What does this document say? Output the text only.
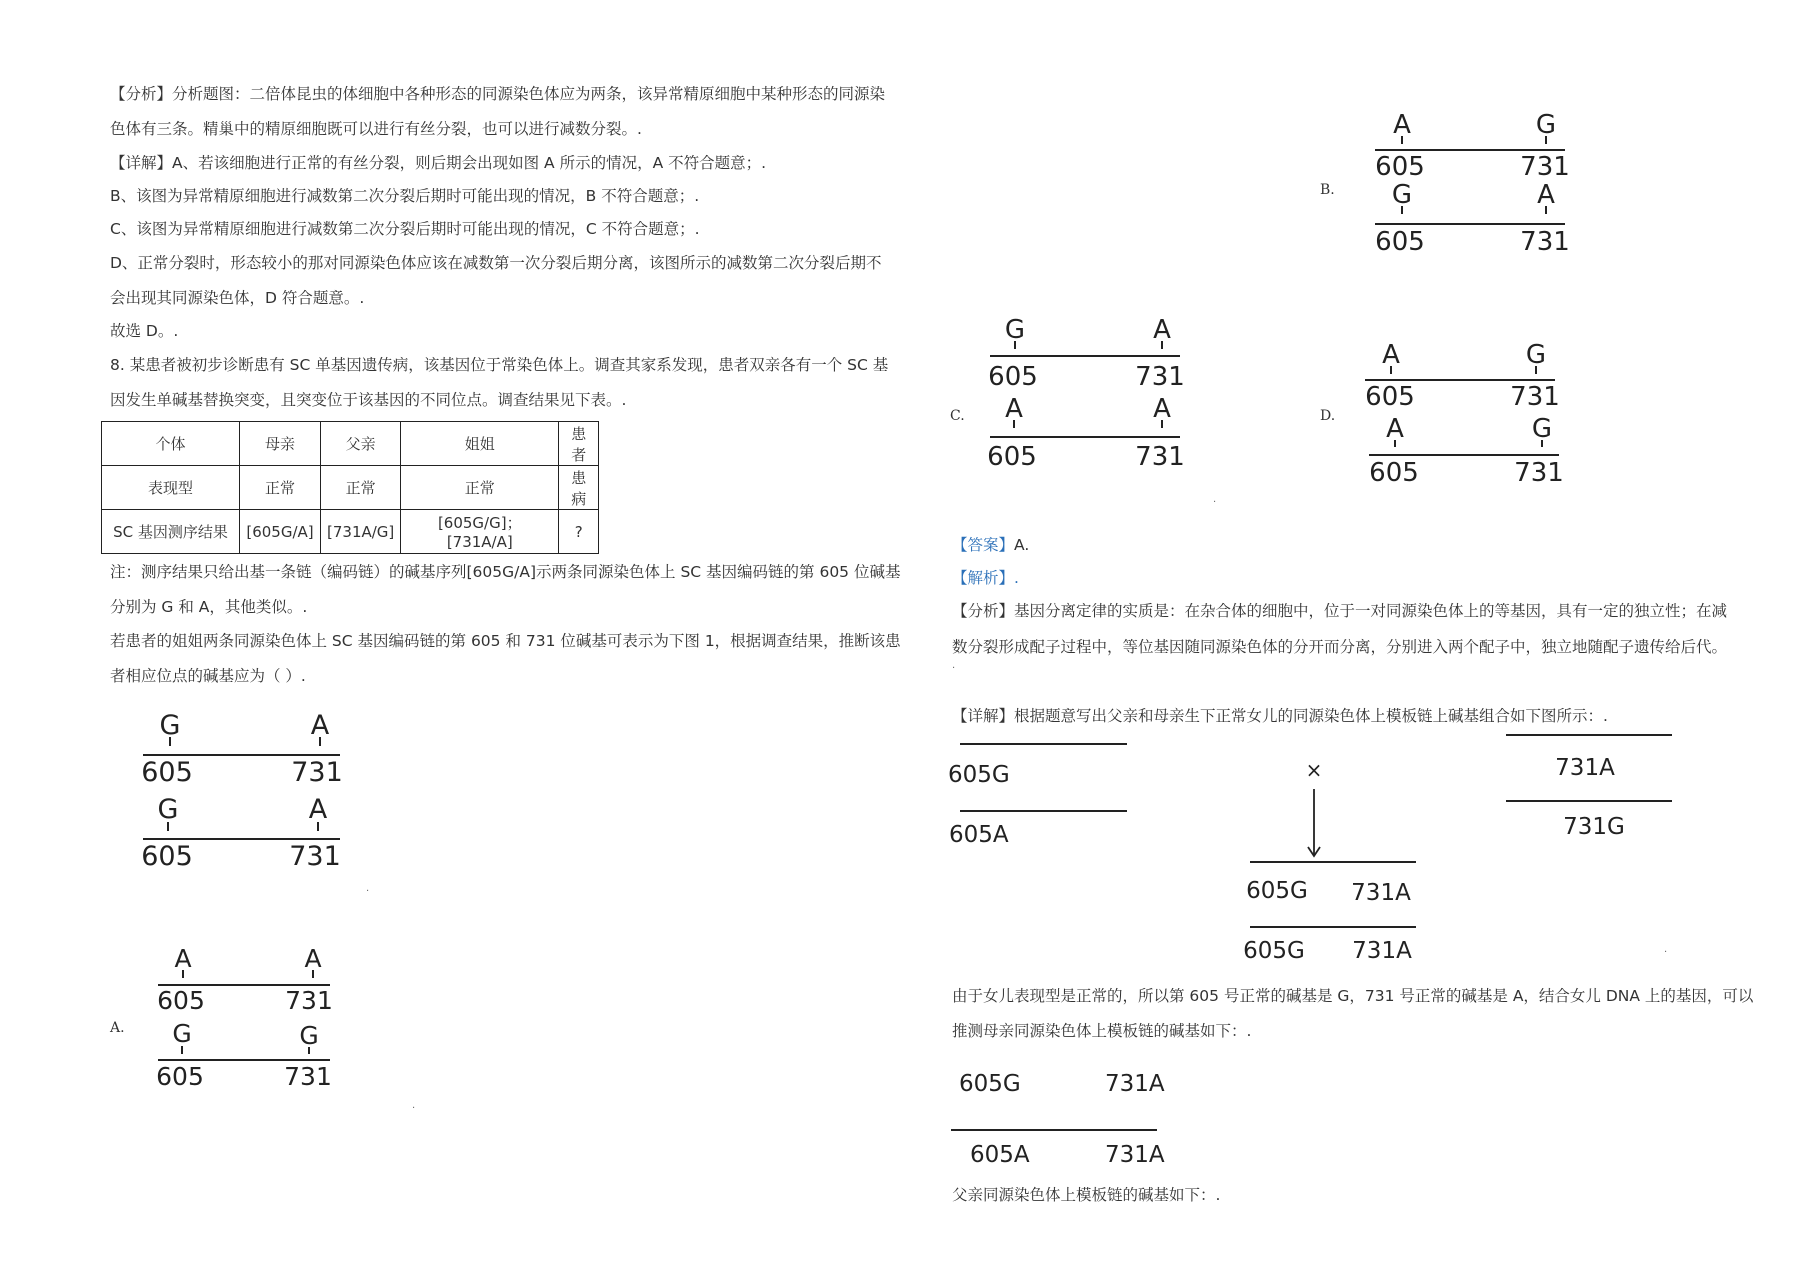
【分析】分析题图：二倍体昆虫的体细胞中各种形态的同源染色体应为两条，该异常精原细胞中某种形态的同源染
色体有三条。精巢中的精原细胞既可以进行有丝分裂，也可以进行减数分裂。.
【详解】A、若该细胞进行正常的有丝分裂，则后期会出现如图 A 所示的情况，A 不符合题意；.
B、该图为异常精原细胞进行减数第二次分裂后期时可能出现的情况，B 不符合题意；.
C、该图为异常精原细胞进行减数第二次分裂后期时可能出现的情况，C 不符合题意；.
D、正常分裂时，形态较小的那对同源染色体应该在减数第一次分裂后期分离，该图所示的减数第二次分裂后期不
会出现其同源染色体，D 符合题意。.
故选 D。.
8. 某患者被初步诊断患有 SC 单基因遗传病，该基因位于常染色体上。调查其家系发现，患者双亲各有一个 SC 基
因发生单碱基替换突变，且突变位于该基因的不同位点。调查结果见下表。.
个体	母亲	父亲	姐姐	患者
表现型	正常	正常	正常	患病
SC 基因测序结果	[605G/A]	[731A/G]	[605G/G]；[731A/A]	?
注：测序结果只给出基一条链（编码链）的碱基序列[605G/A]示两条同源染色体上 SC 基因编码链的第 605 位碱基
分别为 G 和 A，其他类似。.
若患者的姐姐两条同源染色体上 SC 基因编码链的第 605 和 731 位碱基可表示为下图 1，根据调查结果，推断该患
者相应位点的碱基应为（ ）.
G	A
605	731
G	A
605	731
.
A.
A	A
605	731
G	G
605	731
.
B.
A	G
605	731
G	A
605	731
C.
G	A
605	731
A	A
605	731
D.
A	G
605	731
A	G
605	731
.
【答案】A.
【解析】.
【分析】基因分离定律的实质是：在杂合体的细胞中，位于一对同源染色体上的等基因，具有一定的独立性；在减
数分裂形成配子过程中，等位基因随同源染色体的分开而分离，分别进入两个配子中，独立地随配子遗传给后代。
.
【详解】根据题意写出父亲和母亲生下正常女儿的同源染色体上模板链上碱基组合如下图所示：.
605G
605A
×	731A
731G
605G 731A
605G 731A	.
由于女儿表现型是正常的，所以第 605 号正常的碱基是 G，731 号正常的碱基是 A，结合女儿 DNA 上的基因，可以
推测母亲同源染色体上模板链的碱基如下：.
605G	731A
605A	731A
父亲同源染色体上模板链的碱基如下：.
